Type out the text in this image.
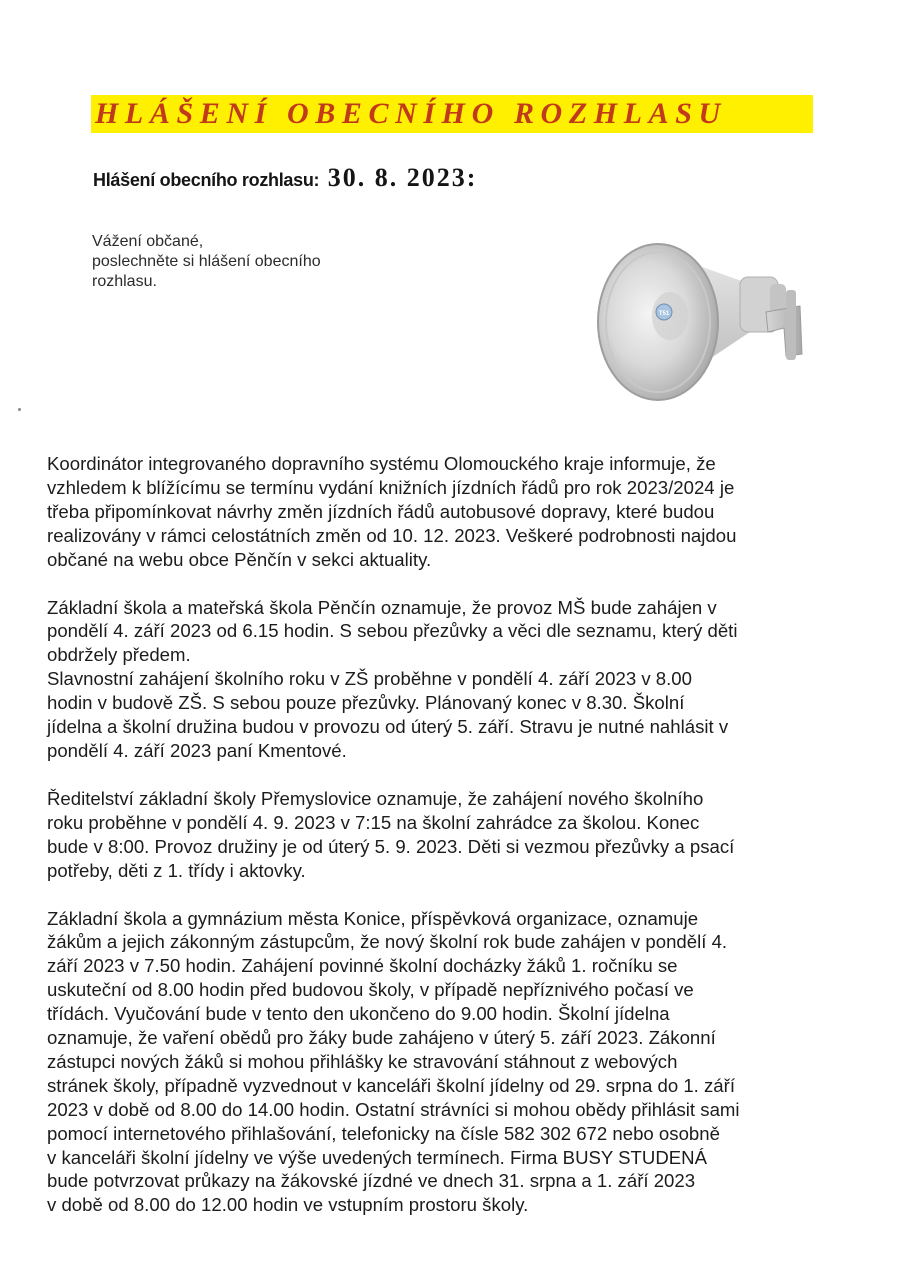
HLÁŠENÍ OBECNÍHO ROZHLASU
Hlášení obecního rozhlasu: 30. 8. 2023:
Vážení občané,
poslechněte si hlášení obecního
rozhlasu.
T51
Koordinátor integrovaného dopravního systému Olomouckého kraje informuje, že
vzhledem k blížícímu se termínu vydání knižních jízdních řádů pro rok 2023/2024 je
třeba připomínkovat návrhy změn jízdních řádů autobusové dopravy, které budou
realizovány v rámci celostátních změn od 10. 12. 2023. Veškeré podrobnosti najdou
občané na webu obce Pěnčín v sekci aktuality.
Základní škola a mateřská škola Pěnčín oznamuje, že provoz MŠ bude zahájen v
pondělí 4. září 2023 od 6.15 hodin. S sebou přezůvky a věci dle seznamu, který děti
obdržely předem.
Slavnostní zahájení školního roku v ZŠ proběhne v pondělí 4. září 2023 v 8.00
hodin v budově ZŠ. S sebou pouze přezůvky. Plánovaný konec v 8.30. Školní
jídelna a školní družina budou v provozu od úterý 5. září. Stravu je nutné nahlásit v
pondělí 4. září 2023 paní Kmentové.
Ředitelství základní školy Přemyslovice oznamuje, že zahájení nového školního
roku proběhne v pondělí 4. 9. 2023 v 7:15 na školní zahrádce za školou. Konec
bude v 8:00. Provoz družiny je od úterý 5. 9. 2023. Děti si vezmou přezůvky a psací
potřeby, děti z 1. třídy i aktovky.
Základní škola a gymnázium města Konice, příspěvková organizace, oznamuje
žákům a jejich zákonným zástupcům, že nový školní rok bude zahájen v pondělí 4.
září 2023 v 7.50 hodin. Zahájení povinné školní docházky žáků 1. ročníku se
uskuteční od 8.00 hodin před budovou školy, v případě nepříznivého počasí ve
třídách. Vyučování bude v tento den ukončeno do 9.00 hodin. Školní jídelna
oznamuje, že vaření obědů pro žáky bude zahájeno v úterý 5. září 2023. Zákonní
zástupci nových žáků si mohou přihlášky ke stravování stáhnout z webových
stránek školy, případně vyzvednout v kanceláři školní jídelny od 29. srpna do 1. září
2023 v době od 8.00 do 14.00 hodin. Ostatní strávníci si mohou obědy přihlásit sami
pomocí internetového přihlašování, telefonicky na čísle 582 302 672 nebo osobně
v kanceláři školní jídelny ve výše uvedených termínech. Firma BUSY STUDENÁ
bude potvrzovat průkazy na žákovské jízdné ve dnech 31. srpna a 1. září 2023
v době od 8.00 do 12.00 hodin ve vstupním prostoru školy.
